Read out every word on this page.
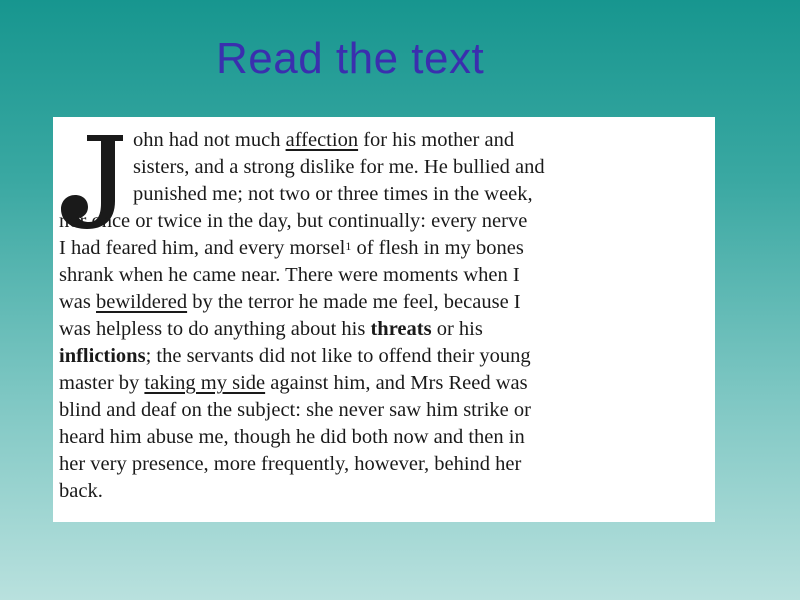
Read the text
ohn had not much affection for his mother and
sisters, and a strong dislike for me. He bullied and
punished me; not two or three times in the week,
nor once or twice in the day, but continually: every nerve
I had feared him, and every morsel$^1$ of flesh in my bones
shrank when he came near. There were moments when I
was bewildered by the terror he made me feel, because I
was helpless to do anything about his threats or his
inflictions; the servants did not like to offend their young
master by taking my side against him, and Mrs Reed was
blind and deaf on the subject: she never saw him strike or
heard him abuse me, though he did both now and then in
her very presence, more frequently, however, behind her
back.
